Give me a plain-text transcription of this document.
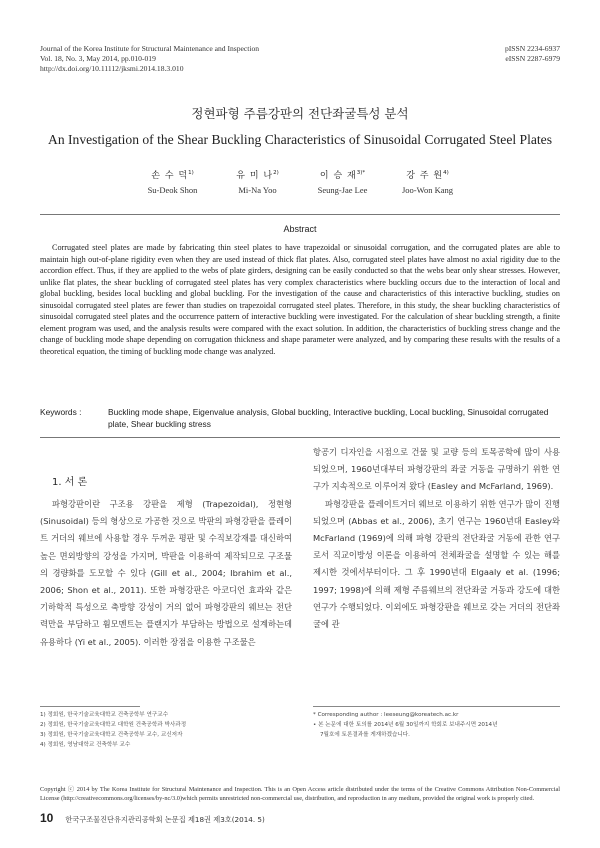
Journal of the Korea Institute for Structural Maintenance and Inspection
Vol. 18, No. 3, May 2014, pp.010-019
http://dx.doi.org/10.11112/jksmi.2014.18.3.010
pISSN 2234-6937
eISSN 2287-6979
정현파형 주름강판의 전단좌굴특성 분석
An Investigation of the Shear Buckling Characteristics of Sinusoidal Corrugated Steel Plates
손 수 덕$^{1)}$
Su-Deok Shon
유 미 나$^{2)}$
Mi-Na Yoo
이 승 재$^{3)*}$
Seung-Jae Lee
강 주 원$^{4)}$
Joo-Won Kang
Abstract

Corrugated steel plates are made by fabricating thin steel plates to have trapezoidal or sinusoidal corrugation, and the corrugated plates are able to maintain high out-of-plane rigidity even when they are used instead of thick flat plates. Also, corrugated steel plates have almost no axial rigidity due to the accordion effect. Thus, if they are applied to the webs of plate girders, designing can be easily conducted so that the webs bear only shear stresses. However, unlike flat plates, the shear buckling of corrugated steel plates has very complex characteristics where buckling occurs due to the interaction of local and global buckling, besides local buckling and global buckling. For the investigation of the cause and characteristics of this interactive buckling, studies on sinusoidal corrugated steel plates are fewer than studies on trapezoidal corrugated steel plates. Therefore, in this study, the shear buckling characteristics of sinusoidal corrugated steel plates and the occurrence pattern of interactive buckling were investigated. For the calculation of shear buckling strength, a finite element program was used, and the analysis results were compared with the exact solution. In addition, the characteristics of buckling stress change and the change of buckling mode shape depending on corrugation thickness and shape parameter were analyzed, and by comparing these results with the results of a theoretical equation, the timing of buckling mode change was analyzed.

Keywords :	Buckling mode shape, Eigenvalue analysis, Global buckling, Interactive buckling, Local buckling, Sinusoidal corrugated plate, Shear buckling stress
1. 서 론

파형강판이란 구조용 강판을 제형 (Trapezoidal), 정현형 (Sinusoidal) 등의 형상으로 가공한 것으로 박판의 파형강판을 플레이트 거더의 웨브에 사용할 경우 두꺼운 평판 및 수직보강재를 대신하여 높은 면외방향의 강성을 가지며, 박판을 이용하여 제작되므로 구조물의 경량화를 도모할 수 있다 (Gill et al., 2004; Ibrahim et al., 2006; Shon et al., 2011). 또한 파형강판은 아코디언 효과와 같은 기하학적 특성으로 축방향 강성이 거의 없어 파형강판의 웨브는 전단력만을 부담하고 휨모멘트는 플랜지가 부담하는 방법으로 설계하는데 유용하다 (Yi et al., 2005). 이러한 장점을 이용한 구조물은

항공기 디자인을 시점으로 건물 및 교량 등의 토목공학에 많이 사용되었으며, 1960년대부터 파형강판의 좌굴 거동을 규명하기 위한 연구가 지속적으로 이루어져 왔다 (Easley and McFarland, 1969).

파형강판을 플레이트거더 웨브로 이용하기 위한 연구가 많이 진행되었으며 (Abbas et al., 2006), 초기 연구는 1960년대 Easley와 McFarland (1969)에 의해 파형 강판의 전단좌굴 거동에 관한 연구로서 직교이방성 이론을 이용하여 전체좌굴을 설명할 수 있는 해를 제시한 것에서부터이다. 그 후 1990년대 Elgaaly et al. (1996; 1997; 1998)에 의해 제형 주름웨브의 전단좌굴 거동과 강도에 대한 연구가 수행되었다. 이외에도 파형강판을 웨브로 갖는 거더의 전단좌굴에 관

1) 정회원, 한국기술교육대학교 건축공학부 연구교수
2) 정회원, 한국기술교육대학교 대학원 건축공학과 박사과정
3) 정회원, 한국기술교육대학교 건축공학부 교수, 교신저자
4) 정회원, 영남대학교 건축학부 교수
* Corresponding author : leeseung@koreatech.ac.kr
• 본 논문에 대한 토의를 2014년 6월 30일까지 학회로 보내주시면 2014년
7월호에 토론결과를 게재하겠습니다.
Copyright ⓒ 2014 by The Korea Institute for Structural Maintenance and Inspection. This is an Open Access article distributed under the terms of the Creative Commons Attribution Non-Commercial License (http://creativecommons.org/licenses/by-nc/3.0)which permits unrestricted non-commercial use, distribution, and reproduction in any medium, provided the original work is properly cited.
10 한국구조물진단유지관리공학회 논문집 제18권 제3호(2014. 5)
